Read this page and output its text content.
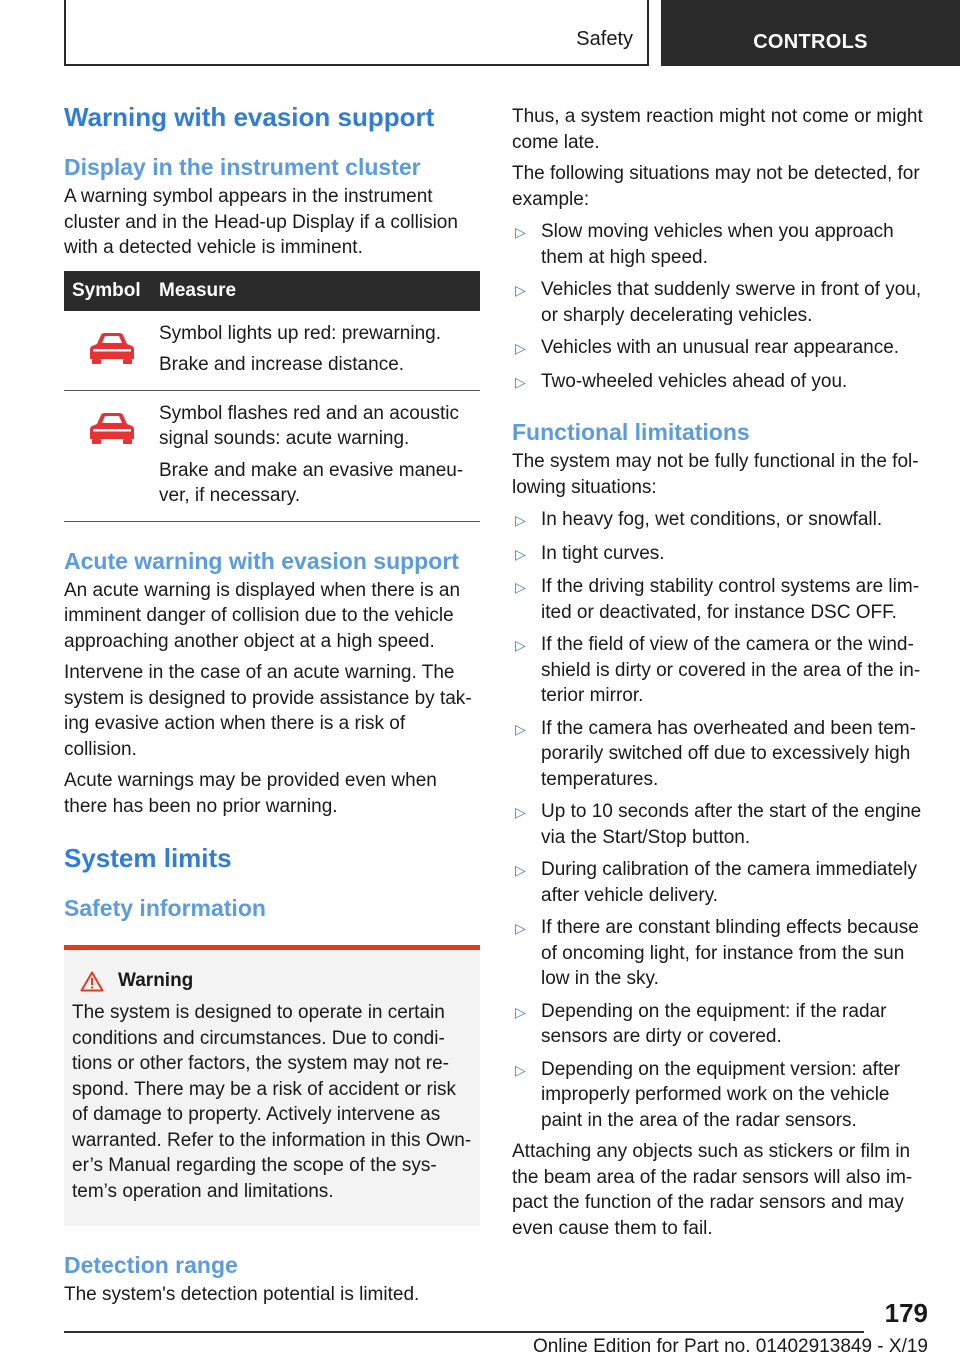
Safety	CONTROLS
Warning with evasion support
Display in the instrument cluster
A warning symbol appears in the instrument cluster and in the Head-up Display if a collision with a detected vehicle is imminent.
Symbol Measure
Symbol lights up red: prewarning.
Brake and increase distance.
Symbol flashes red and an acoustic signal sounds: acute warning.
Brake and make an evasive maneuver, if necessary.
Acute warning with evasion support
An acute warning is displayed when there is an imminent danger of collision due to the vehicle approaching another object at a high speed.
Intervene in the case of an acute warning. The system is designed to provide assistance by taking evasive action when there is a risk of collision.
Acute warnings may be provided even when there has been no prior warning.
System limits
Safety information
Warning
The system is designed to operate in certain conditions and circumstances. Due to conditions or other factors, the system may not respond. There may be a risk of accident or risk of damage to property. Actively intervene as warranted. Refer to the information in this Owner’s Manual regarding the scope of the system’s operation and limitations.
Detection range
The system's detection potential is limited.
Thus, a system reaction might not come or might come late.
The following situations may not be detected, for example:
▷ Slow moving vehicles when you approach them at high speed.
▷ Vehicles that suddenly swerve in front of you, or sharply decelerating vehicles.
▷ Vehicles with an unusual rear appearance.
▷ Two-wheeled vehicles ahead of you.
Functional limitations
The system may not be fully functional in the following situations:
▷ In heavy fog, wet conditions, or snowfall.
▷ In tight curves.
▷ If the driving stability control systems are limited or deactivated, for instance DSC OFF.
▷ If the field of view of the camera or the windshield is dirty or covered in the area of the interior mirror.
▷ If the camera has overheated and been temporarily switched off due to excessively high temperatures.
▷ Up to 10 seconds after the start of the engine via the Start/Stop button.
▷ During calibration of the camera immediately after vehicle delivery.
▷ If there are constant blinding effects because of oncoming light, for instance from the sun low in the sky.
▷ Depending on the equipment: if the radar sensors are dirty or covered.
▷ Depending on the equipment version: after improperly performed work on the vehicle paint in the area of the radar sensors.
Attaching any objects such as stickers or film in the beam area of the radar sensors will also impact the function of the radar sensors and may even cause them to fail.
179
Online Edition for Part no. 01402913849 - X/19
